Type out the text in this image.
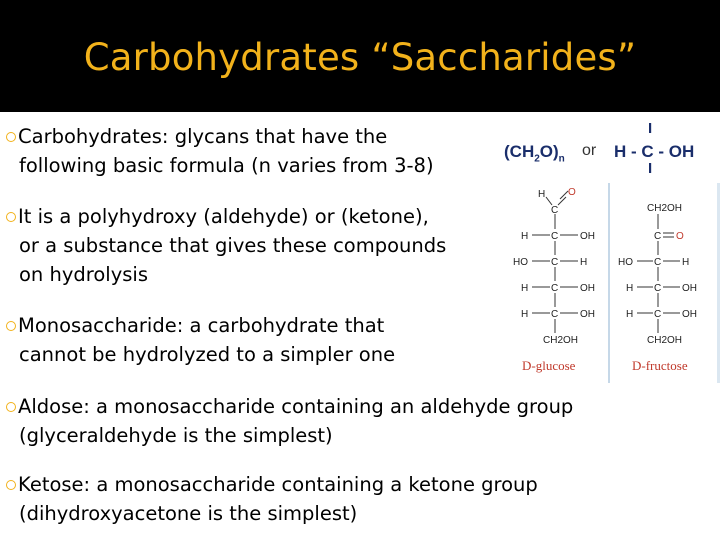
Carbohydrates “Saccharides”
Carbohydrates: glycans that have the
following basic formula (n varies from 3-8)
It is a polyhydroxy (aldehyde) or (ketone),
or a substance that gives these compounds
on hydrolysis
Monosaccharide: a carbohydrate that
cannot be hydrolyzed to a simpler one
Aldose: a monosaccharide containing an aldehyde group
(glyceraldehyde is the simplest)
Ketose: a monosaccharide containing a ketone group
(dihydroxyacetone is the simplest)
$(CH_2O)_n$ or
I
H - C - OH
I
H O
C
C
H	OH
C
HO	H
C
H	OH
C
H	OH
CH2OH
D-glucose
CH2OH
C O
C
HO	H
C
H	OH
C
H	OH
CH2OH
D-fructose
